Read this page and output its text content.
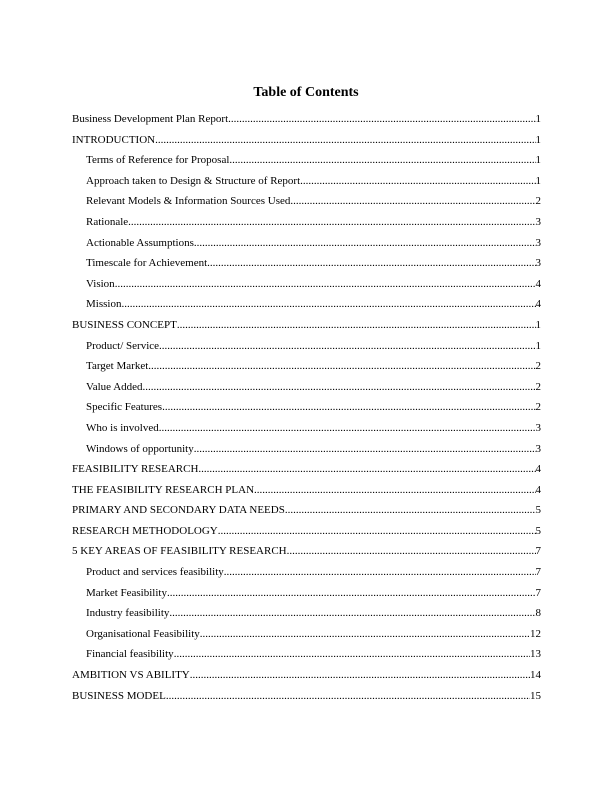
Table of Contents
Business Development Plan Report .....	1
INTRODUCTION .....	1
Terms of Reference for Proposal .....	1
Approach taken to Design & Structure of Report .....	1
Relevant Models & Information Sources Used .....	2
Rationale .....	3
Actionable Assumptions .....	3
Timescale for Achievement .....	3
Vision .....	4
Mission .....	4
BUSINESS CONCEPT .....	1
Product/ Service .....	1
Target Market .....	2
Value Added .....	2
Specific Features .....	2
Who is involved .....	3
Windows of opportunity .....	3
FEASIBILITY RESEARCH .....	4
THE FEASIBILITY RESEARCH PLAN .....	4
PRIMARY AND SECONDARY DATA NEEDS .....	5
RESEARCH METHODOLOGY .....	5
5 KEY AREAS OF FEASIBILITY RESEARCH .....	7
Product and services feasibility .....	7
Market Feasibility .....	7
Industry feasibility .....	8
Organisational Feasibility .....	12
Financial feasibility .....	13
AMBITION VS ABILITY .....	14
BUSINESS MODEL .....	15
